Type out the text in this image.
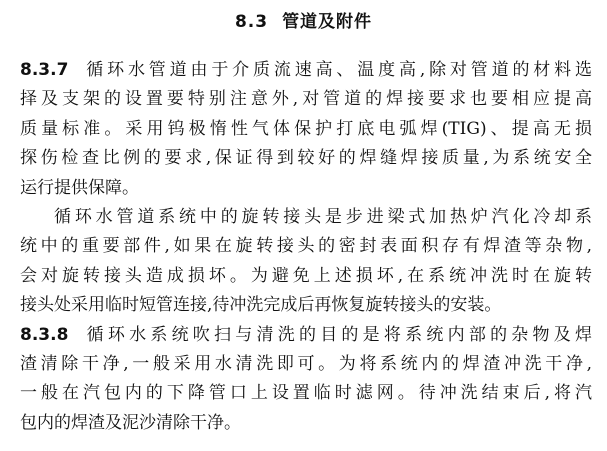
8.3 管道及附件
8.3.7 循环水管道由于介质流速高、温度高,除对管道的材料选
择及支架的设置要特别注意外,对管道的焊接要求也要相应提高
质量标准。采用钨极惰性气体保护打底电弧焊(TIG)、提高无损
探伤检查比例的要求,保证得到较好的焊缝焊接质量,为系统安全
运行提供保障。
循环水管道系统中的旋转接头是步进梁式加热炉汽化冷却系
统中的重要部件,如果在旋转接头的密封表面积存有焊渣等杂物,
会对旋转接头造成损坏。为避免上述损坏,在系统冲洗时在旋转
接头处采用临时短管连接,待冲洗完成后再恢复旋转接头的安装。
8.3.8 循环水系统吹扫与清洗的目的是将系统内部的杂物及焊
渣清除干净,一般采用水清洗即可。为将系统内的焊渣冲洗干净,
一般在汽包内的下降管口上设置临时滤网。待冲洗结束后,将汽
包内的焊渣及泥沙清除干净。
